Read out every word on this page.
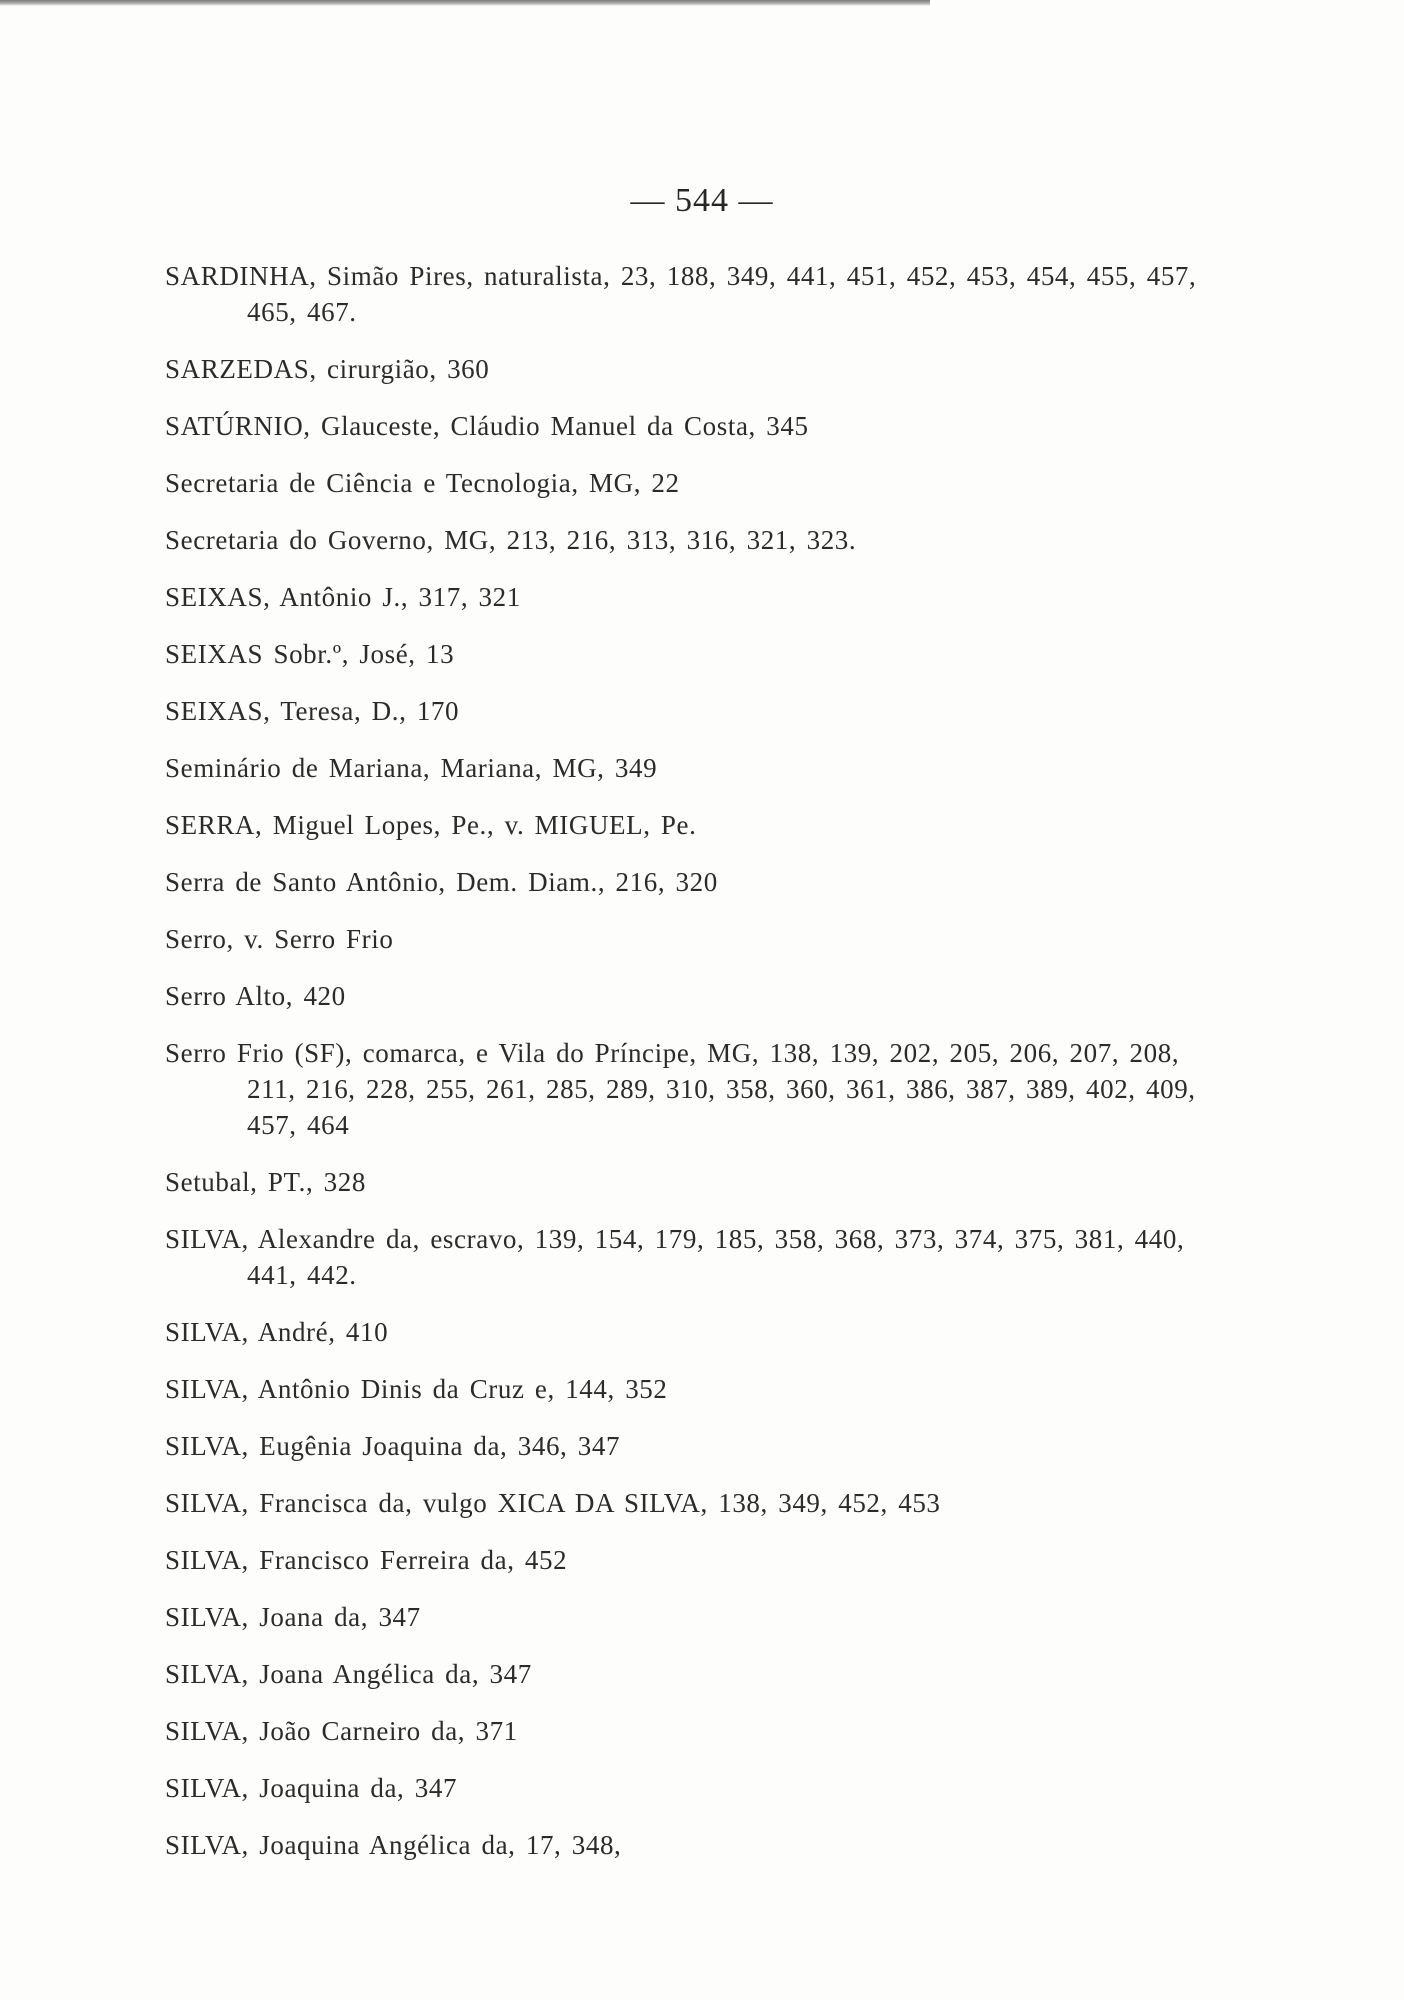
— 544 —
SARDINHA, Simão Pires, naturalista, 23, 188, 349, 441, 451, 452, 453, 454, 455, 457, 465, 467.
SARZEDAS, cirurgião, 360
SATÚRNIO, Glauceste, Cláudio Manuel da Costa, 345
Secretaria de Ciência e Tecnologia, MG, 22
Secretaria do Governo, MG, 213, 216, 313, 316, 321, 323.
SEIXAS, Antônio J., 317, 321
SEIXAS Sobr.º, José, 13
SEIXAS, Teresa, D., 170
Seminário de Mariana, Mariana, MG, 349
SERRA, Miguel Lopes, Pe., v. MIGUEL, Pe.
Serra de Santo Antônio, Dem. Diam., 216, 320
Serro, v. Serro Frio
Serro Alto, 420
Serro Frio (SF), comarca, e Vila do Príncipe, MG, 138, 139, 202, 205, 206, 207, 208, 211, 216, 228, 255, 261, 285, 289, 310, 358, 360, 361, 386, 387, 389, 402, 409, 457, 464
Setubal, PT., 328
SILVA, Alexandre da, escravo, 139, 154, 179, 185, 358, 368, 373, 374, 375, 381, 440, 441, 442.
SILVA, André, 410
SILVA, Antônio Dinis da Cruz e, 144, 352
SILVA, Eugênia Joaquina da, 346, 347
SILVA, Francisca da, vulgo XICA DA SILVA, 138, 349, 452, 453
SILVA, Francisco Ferreira da, 452
SILVA, Joana da, 347
SILVA, Joana Angélica da, 347
SILVA, João Carneiro da, 371
SILVA, Joaquina da, 347
SILVA, Joaquina Angélica da, 17, 348,
